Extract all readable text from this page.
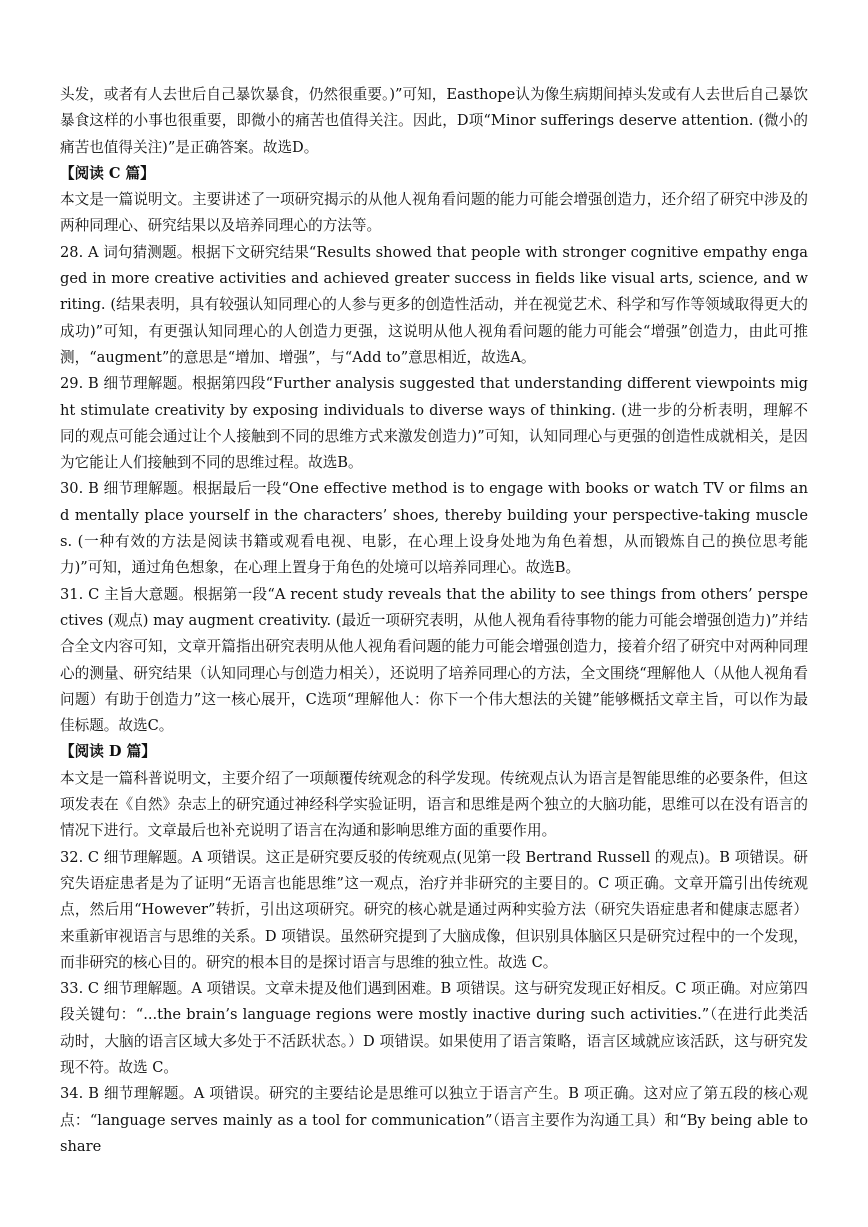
头发，或者有人去世后自己暴饮暴食，仍然很重要。)”可知，Easthope认为像生病期间掉头发或有人去世后自己暴饮暴食这样的小事也很重要，即微小的痛苦也值得关注。因此，D项“Minor sufferings deserve attention. (微小的痛苦也值得关注)”是正确答案。故选D。

【阅读 C 篇】

本文是一篇说明文。主要讲述了一项研究揭示的从他人视角看问题的能力可能会增强创造力，还介绍了研究中涉及的两种同理心、研究结果以及培养同理心的方法等。

28. A 词句猜测题。根据下文研究结果“Results showed that people with stronger cognitive empathy engaged in more creative activities and achieved greater success in fields like visual arts, science, and writing. (结果表明，具有较强认知同理心的人参与更多的创造性活动，并在视觉艺术、科学和写作等领域取得更大的成功)”可知，有更强认知同理心的人创造力更强，这说明从他人视角看问题的能力可能会“增强”创造力，由此可推测，“augment”的意思是“增加、增强”，与“Add to”意思相近，故选A。

29. B 细节理解题。根据第四段“Further analysis suggested that understanding different viewpoints might stimulate creativity by exposing individuals to diverse ways of thinking. (进一步的分析表明，理解不同的观点可能会通过让个人接触到不同的思维方式来激发创造力)”可知，认知同理心与更强的创造性成就相关，是因为它能让人们接触到不同的思维过程。故选B。

30. B 细节理解题。根据最后一段“One effective method is to engage with books or watch TV or films and mentally place yourself in the characters’ shoes, thereby building your perspective-taking muscles. (一种有效的方法是阅读书籍或观看电视、电影，在心理上设身处地为角色着想，从而锻炼自己的换位思考能力)”可知，通过角色想象，在心理上置身于角色的处境可以培养同理心。故选B。

31. C 主旨大意题。根据第一段“A recent study reveals that the ability to see things from others’ perspectives (观点) may augment creativity. (最近一项研究表明，从他人视角看待事物的能力可能会增强创造力)”并结合全文内容可知，文章开篇指出研究表明从他人视角看问题的能力可能会增强创造力，接着介绍了研究中对两种同理心的测量、研究结果（认知同理心与创造力相关），还说明了培养同理心的方法，全文围绕“理解他人（从他人视角看问题）有助于创造力”这一核心展开，C选项“理解他人：你下一个伟大想法的关键”能够概括文章主旨，可以作为最佳标题。故选C。

【阅读 D 篇】

本文是一篇科普说明文，主要介绍了一项颠覆传统观念的科学发现。传统观点认为语言是智能思维的必要条件，但这项发表在《自然》杂志上的研究通过神经科学实验证明，语言和思维是两个独立的大脑功能，思维可以在没有语言的情况下进行。文章最后也补充说明了语言在沟通和影响思维方面的重要作用。

32. C 细节理解题。A 项错误。这正是研究要反驳的传统观点(见第一段 Bertrand Russell 的观点)。B 项错误。研究失语症患者是为了证明“无语言也能思维”这一观点，治疗并非研究的主要目的。C 项正确。文章开篇引出传统观点，然后用“However”转折，引出这项研究。研究的核心就是通过两种实验方法（研究失语症患者和健康志愿者）来重新审视语言与思维的关系。D 项错误。虽然研究提到了大脑成像，但识别具体脑区只是研究过程中的一个发现，而非研究的核心目的。研究的根本目的是探讨语言与思维的独立性。故选 C。

33. C 细节理解题。A 项错误。文章未提及他们遇到困难。B 项错误。这与研究发现正好相反。C 项正确。对应第四段关键句：“...the brain’s language regions were mostly inactive during such activities.”（在进行此类活动时，大脑的语言区域大多处于不活跃状态。）D 项错误。如果使用了语言策略，语言区域就应该活跃，这与研究发现不符。故选 C。

34. B 细节理解题。A 项错误。研究的主要结论是思维可以独立于语言产生。B 项正确。这对应了第五段的核心观点：“language serves mainly as a tool for communication”（语言主要作为沟通工具）和“By being able to share
